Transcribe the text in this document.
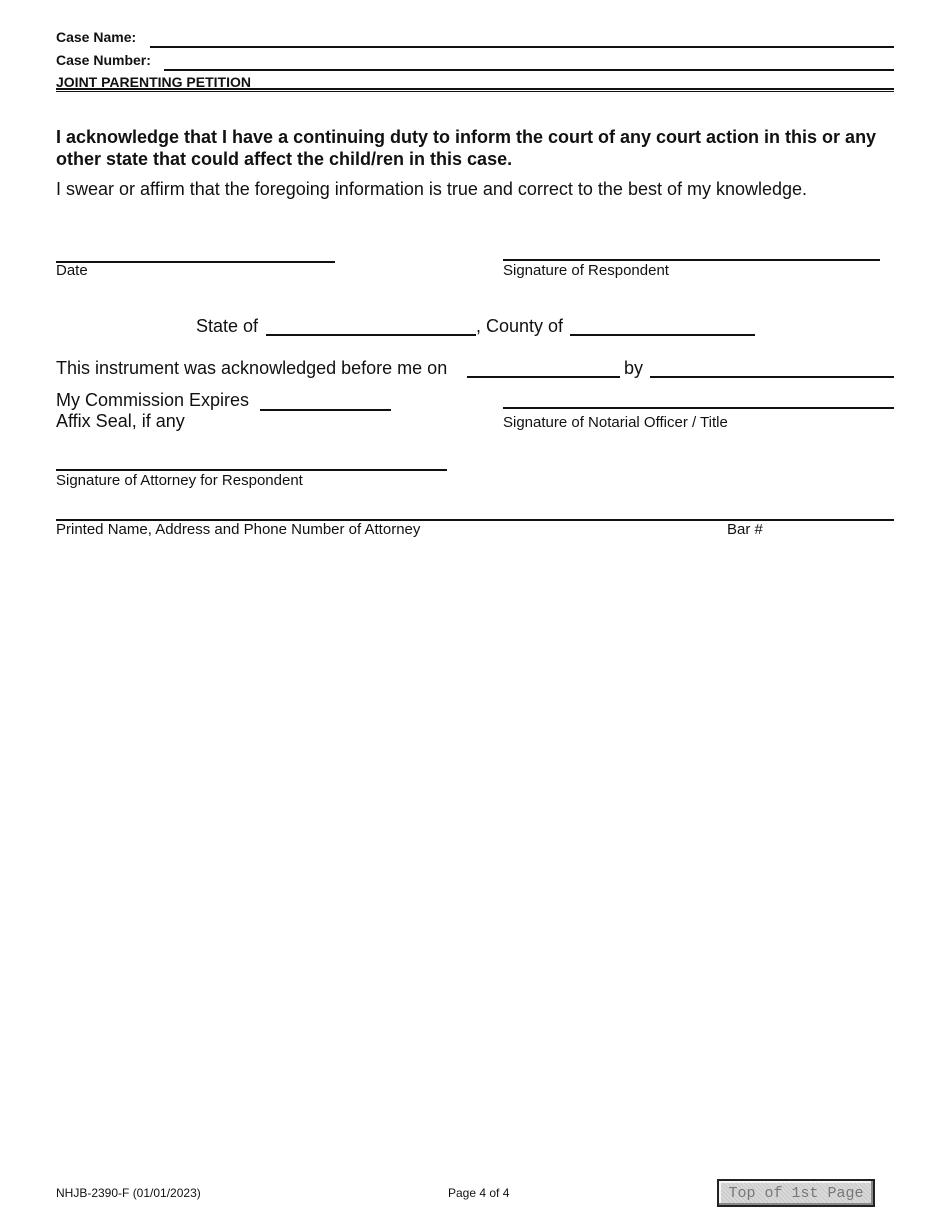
Case Name:
Case Number:
JOINT PARENTING PETITION
I acknowledge that I have a continuing duty to inform the court of any court action in this or any other state that could affect the child/ren in this case.
I swear or affirm that the foregoing information is true and correct to the best of my knowledge.
Date	Signature of Respondent
State of	, County of
This instrument was acknowledged before me on	by
My Commission Expires
Affix Seal, if any	Signature of Notarial Officer / Title
Signature of Attorney for Respondent
Printed Name, Address and Phone Number of Attorney	Bar #
NHJB-2390-F (01/01/2023)	Page 4 of 4	Top of 1st Page
